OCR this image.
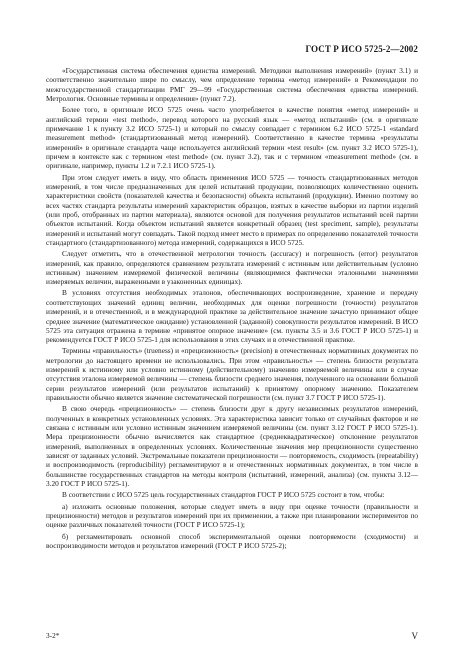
ГОСТ Р ИСО 5725-2—2002

«Государственная система обеспечения единства измерений. Методики выполнения измерений» (пункт 3.1) и соответственно значительно шире по смыслу, чем определение термина «метод измерений» в Рекомендации по межгосударственной стандартизации РМГ 29—99 «Государственная система обеспечения единства измерений. Метрология. Основные термины и определения» (пункт 7.2).

Более того, в оригинале ИСО 5725 очень часто употребляется в качестве понятия «метод измерений» и английский термин «test method», перевод которого на русский язык — «метод испытаний» (см. в оригинале примечание 1 к пункту 3.2 ИСО 5725-1) и который по смыслу совпадает с термином 6.2 ИСО 5725-1 «standard measurement method» (стандартизованный метод измерений). Соответственно в качестве термина «результаты измерений» в оригинале стандарта чаще используется английский термин «test result» (см. пункт 3.2 ИСО 5725-1), причем в контексте как с термином «test method» (см. пункт 3.2), так и с термином «measurement method» (см. в оригинале, например, пункты 1.2 и 7.2.1 ИСО 5725-1).

При этом следует иметь в виду, что область применения ИСО 5725 — точность стандартизованных методов измерений, в том числе предназначенных для целей испытаний продукции, позволяющих количественно оценить характеристики свойств (показателей качества и безопасности) объекта испытаний (продукции). Именно поэтому во всех частях стандарта результаты измерений характеристик образцов, взятых в качестве выборки из партии изделий (или проб, отобранных из партии материала), являются основой для получения результатов испытаний всей партии объектов испытаний. Когда объектом испытаний является конкретный образец (test speciment, sample), результаты измерений и испытаний могут совпадать. Такой подход имеет место в примерах по определению показателей точности стандартного (стандартизованного) метода измерений, содержащихся в ИСО 5725.

Следует отметить, что в отечественной метрологии точность (accuracy) и погрешность (error) результатов измерений, как правило, определяются сравнением результата измерений с истинным или действительным (условно истинным) значением измеряемой физической величины (являющимися фактически эталонными значениями измеряемых величин, выраженными в узаконенных единицах).

В условиях отсутствия необходимых эталонов, обеспечивающих воспроизведение, хранение и передачу соответствующих значений единиц величин, необходимых для оценки погрешности (точности) результатов измерений, и в отечественной, и в международной практике за действительное значение зачастую принимают общее среднее значение (математическое ожидание) установленной (заданной) совокупности результатов измерений. В ИСО 5725 эта ситуация отражена в термине «принятое опорное значение» (см. пункты 3.5 и 3.6 ГОСТ Р ИСО 5725-1) и рекомендуется ГОСТ Р ИСО 5725-1 для использования в этих случаях и в отечественной практике.

Термины «правильность» (trueness) и «прецизионность» (precision) в отечественных нормативных документах по метрологии до настоящего времени не использовались. При этом «правильность» — степень близости результата измерений к истинному или условно истинному (действительному) значению измеряемой величины или в случае отсутствия эталона измеряемой величины — степень близости среднего значения, полученного на основании большой серии результатов измерений (или результатов испытаний) к принятому опорному значению. Показателем правильности обычно является значение систематической погрешности (см. пункт 3.7 ГОСТ Р ИСО 5725-1).

В свою очередь «прецизионность» — степень близости друг к другу независимых результатов измерений, полученных в конкретных установленных условиях. Эта характеристика зависит только от случайных факторов и не связана с истинным или условно истинным значением измеряемой величины (см. пункт 3.12 ГОСТ Р ИСО 5725-1). Мера прецизионности обычно вычисляется как стандартное (среднеквадратическое) отклонение результатов измерений, выполненных в определенных условиях. Количественные значения мер прецизионности существенно зависят от заданных условий. Экстремальные показатели прецизионности — повторяемость, сходимость (repeatability) и воспроизводимость (reproducibility) регламентируют в и отечественных нормативных документах, в том числе в большинстве государственных стандартов на методы контроля (испытаний, измерений, анализа) (см. пункты 3.12—3.20 ГОСТ Р ИСО 5725-1).

В соответствии с ИСО 5725 цель государственных стандартов ГОСТ Р ИСО 5725 состоит в том, чтобы:

а) изложить основные положения, которые следует иметь в виду при оценке точности (правильности и прецизионности) методов и результатов измерений при их применении, а также при планировании экспериментов по оценке различных показателей точности (ГОСТ Р ИСО 5725-1);

б) регламентировать основной способ экспериментальной оценки повторяемости (сходимости) и воспроизводимости методов и результатов измерений (ГОСТ Р ИСО 5725-2);

3-2*	V
